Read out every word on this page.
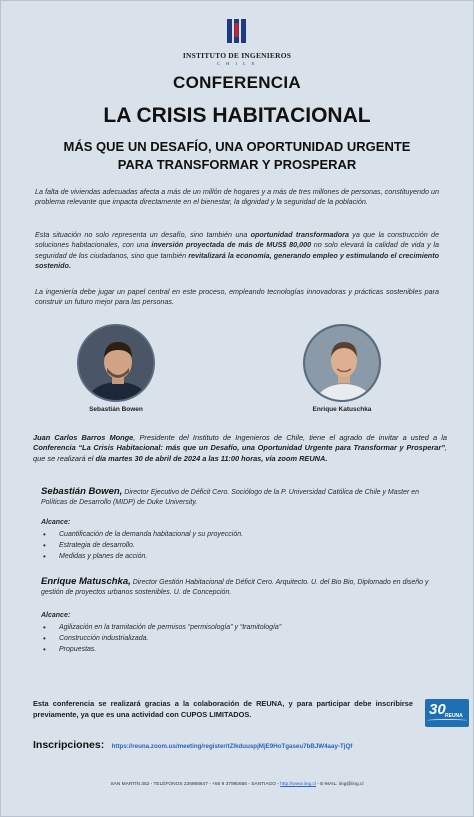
INSTITUTO DE INGENIEROS
C H I L E
CONFERENCIA
LA CRISIS HABITACIONAL
MÁS QUE UN DESAFÍO, UNA OPORTUNIDAD URGENTE
PARA TRANSFORMAR Y PROSPERAR

La falta de viviendas adecuadas afecta a más de un millón de hogares y a más de tres millones de personas, constituyendo un problema relevante que impacta directamente en el bienestar, la dignidad y la seguridad de la población.

Esta situación no solo representa un desafío, sino también una oportunidad transformadora ya que la construcción de soluciones habitacionales, con una inversión proyectada de más de MUS$ 80,000 no solo elevará la calidad de vida y la seguridad de los ciudadanos, sino que también revitalizará la economía, generando empleo y estimulando el crecimiento sostenido.

La ingeniería debe jugar un papel central en este proceso, empleando tecnologías innovadoras y prácticas sostenibles para construir un futuro mejor para las personas.

Sebastián Bowen	Enrique Katuschka

Juan Carlos Barros Monge, Presidente del Instituto de Ingenieros de Chile, tiene el agrado de invitar a usted a la Conferencia “La Crisis Habitacional: más que un Desafío, una Oportunidad Urgente para Transformar y Prosperar”, que se realizará el día martes 30 de abril de 2024 a las 11:00 horas, vía zoom REUNA.

Sebastián Bowen, Director Ejecutivo de Déficit Cero. Sociólogo de la P. Universidad Católica de Chile y Master en Políticas de Desarrollo (MIDP) de Duke University.

Alcance:
• Cuantificación de la demanda habitacional y su proyección.
• Estrategia de desarrollo.
• Medidas y planes de acción.

Enrique Matuschka, Director Gestión Habitacional de Déficit Cero. Arquitecto. U. del Bio Bio, Diplomado en diseño y gestión de proyectos urbanos sostenibles. U. de Concepción.

Alcance:
• Agilización en la tramitación de permisos “permisología” y “tramitología”
• Construcción industrializada.
• Propuestas.

Esta conferencia se realizará gracias a la colaboración de REUNA, y para participar debe inscribirse previamente, ya que es una actividad con CUPOS LIMITADOS.	30 REUNA
Inscripciones: https://reuna.zoom.us/meeting/register/tZIkduuspjMjE9HoTgaseu7bBJW4aay-TjQf
SAN MARTÍN 352 - TELÉFONOS 226968647 - +56 9 37980656 - SANTIAGO - http://www.iing.cl - E-MAIL: iing@iing.cl
